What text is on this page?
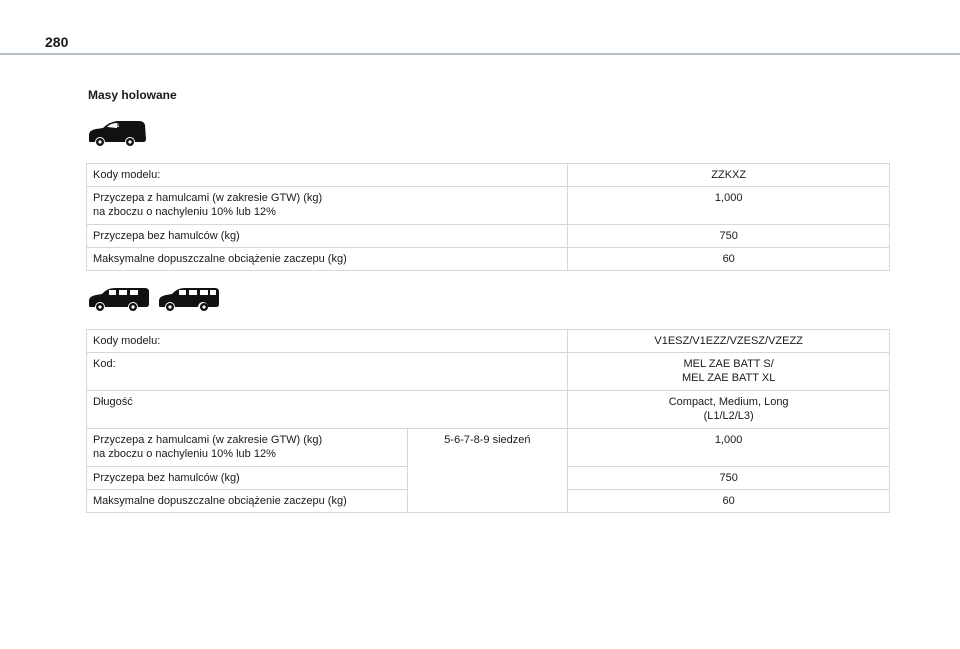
280
Masy holowane
L1
Kody modelu:	ZZKXZ

Przyczepa z hamulcami (w zakresie GTW) (kg)
na zboczu o nachyleniu 10% lub 12%	1,000
Przyczepa bez hamulców (kg)	750
Maksymalne dopuszczalne obciążenie zaczepu (kg)	60
Kody modelu:		V1ESZ/V1EZZ/VZESZ/VZEZZ
Kod:		MEL ZAE BATT S/
MEL ZAE BATT XL

Długość		Compact, Medium, Long
(L1/L2/L3)

Przyczepa z hamulcami (w zakresie GTW) (kg)
na zboczu o nachyleniu 10% lub 12%	5-6-7-8-9 siedzeń	1,000
Przyczepa bez hamulców (kg)		750
Maksymalne dopuszczalne obciążenie zaczepu (kg)		60
